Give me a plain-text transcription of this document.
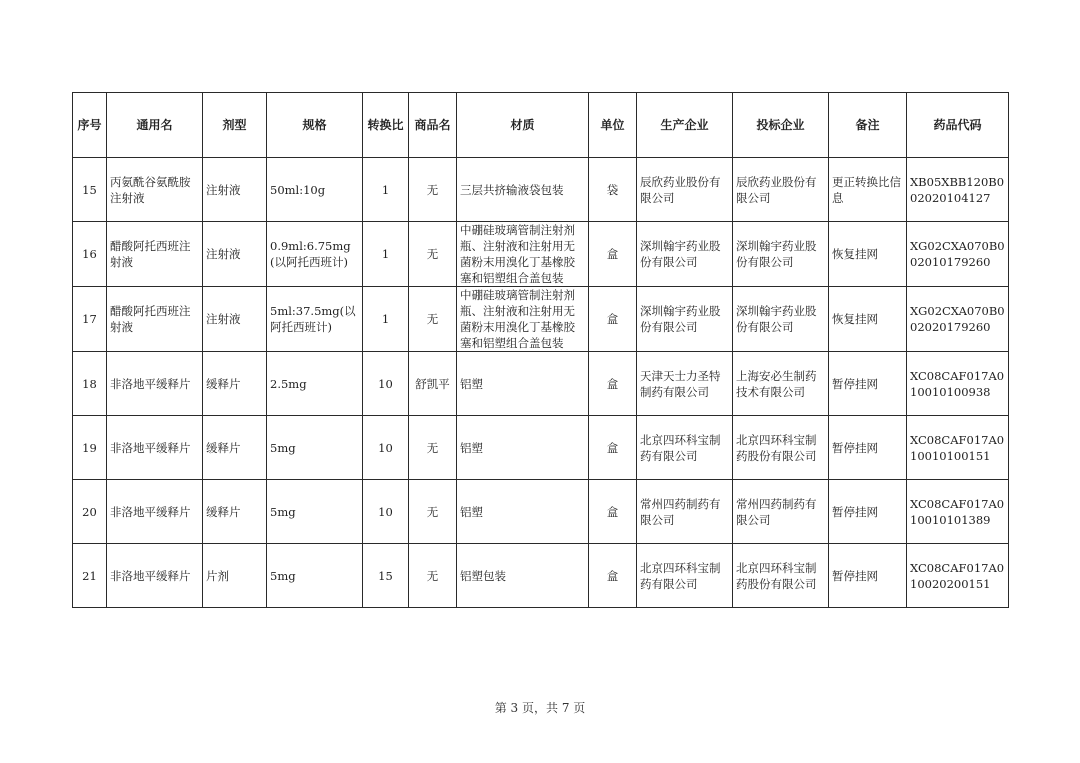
序号	通用名	剂型	规格	转换比	商品名	材质	单位	生产企业	投标企业	备注	药品代码
15	丙氨酰谷氨酰胺注射液	注射液	50ml:10g	1	无	三层共挤输液袋包装	袋	辰欣药业股份有限公司	辰欣药业股份有限公司	更正转换比信息	XB05XBB120B002020104127
16	醋酸阿托西班注射液	注射液	0.9ml:6.75mg(以阿托西班计)	1	无	中硼硅玻璃管制注射剂瓶、注射液和注射用无菌粉末用溴化丁基橡胶塞和铝塑组合盖包装	盒	深圳翰宇药业股份有限公司	深圳翰宇药业股份有限公司	恢复挂网	XG02CXA070B002010179260
17	醋酸阿托西班注射液	注射液	5ml:37.5mg(以阿托西班计)	1	无	中硼硅玻璃管制注射剂瓶、注射液和注射用无菌粉末用溴化丁基橡胶塞和铝塑组合盖包装	盒	深圳翰宇药业股份有限公司	深圳翰宇药业股份有限公司	恢复挂网	XG02CXA070B002020179260
18	非洛地平缓释片	缓释片	2.5mg	10	舒凯平	铝塑	盒	天津天士力圣特制药有限公司	上海安必生制药技术有限公司	暂停挂网	XC08CAF017A010010100938
19	非洛地平缓释片	缓释片	5mg	10	无	铝塑	盒	北京四环科宝制药有限公司	北京四环科宝制药股份有限公司	暂停挂网	XC08CAF017A010010100151
20	非洛地平缓释片	缓释片	5mg	10	无	铝塑	盒	常州四药制药有限公司	常州四药制药有限公司	暂停挂网	XC08CAF017A010010101389
21	非洛地平缓释片	片剂	5mg	15	无	铝塑包装	盒	北京四环科宝制药有限公司	北京四环科宝制药股份有限公司	暂停挂网	XC08CAF017A010020200151
第 3 页，共 7 页
